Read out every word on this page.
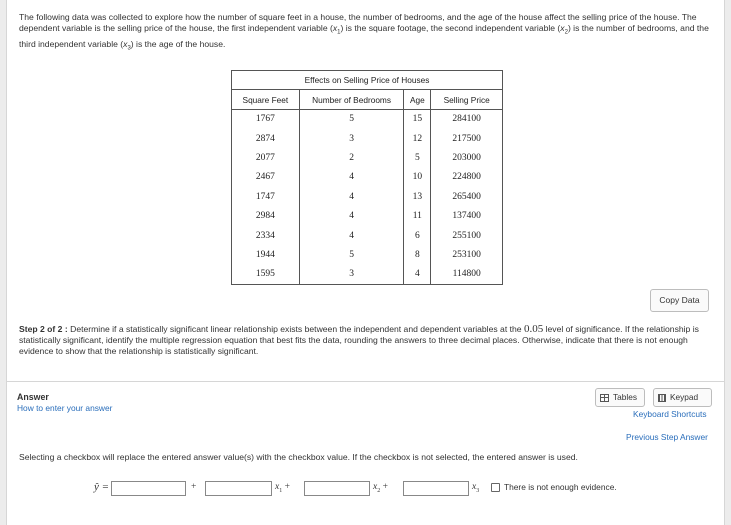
The following data was collected to explore how the number of square feet in a house, the number of bedrooms, and the age of the house affect the selling price of the house. The dependent variable is the selling price of the house, the first independent variable $(x_1)$ is the square footage, the second independent variable $(x_2)$ is the number of bedrooms, and the third independent variable $(x_3)$ is the age of the house.
Effects on Selling Price of Houses
Square Feet	Number of Bedrooms	Age	Selling Price
1767	5	15	284100
2874	3	12	217500
2077	2	5	203000
2467	4	10	224800
1747	4	13	265400
2984	4	11	137400
2334	4	6	255100
1944	5	8	253100
1595	3	4	114800
Copy Data
Step 2 of 2 : Determine if a statistically significant linear relationship exists between the independent and dependent variables at the 0.05 level of significance. If the relationship is statistically significant, identify the multiple regression equation that best fits the data, rounding the answers to three decimal places. Otherwise, indicate that there is not enough evidence to show that the relationship is statistically significant.
Answer
How to enter your answer
Tables	Keypad
Keyboard Shortcuts
Previous Step Answer
Selecting a checkbox will replace the entered answer value(s) with the checkbox value. If the checkbox is not selected, the entered answer is used.
ŷ =	+	$x_1$ +	$x_2$ +	$x_3$	There is not enough evidence.
